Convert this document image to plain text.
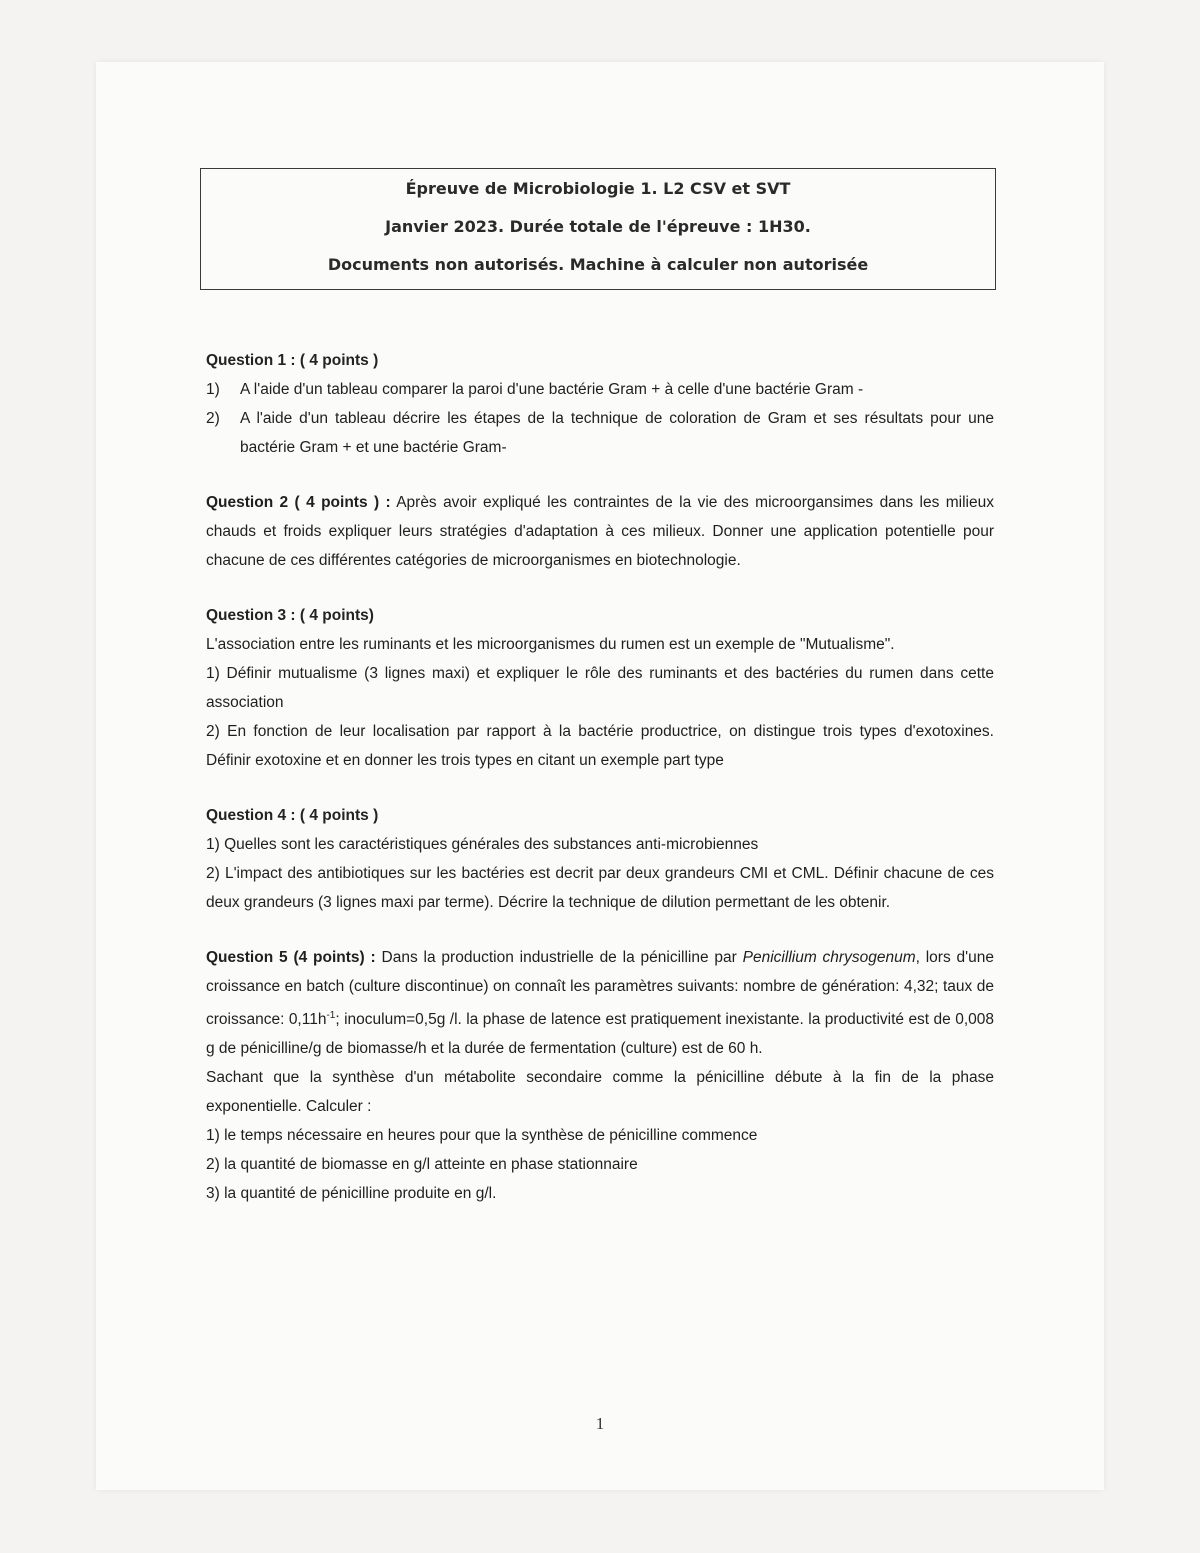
Épreuve de Microbiologie 1. L2 CSV et SVT
Janvier 2023. Durée totale de l'épreuve : 1H30.
Documents non autorisés. Machine à calculer non autorisée
Question 1 : ( 4 points )
1)	A l'aide d'un tableau comparer la paroi d'une bactérie Gram + à celle d'une bactérie Gram -
2)	A l'aide d'un tableau décrire les étapes de la technique de coloration de Gram et ses résultats pour une bactérie Gram + et une bactérie Gram-
Question 2 ( 4 points ) : Après avoir expliqué les contraintes de la vie des microorgansimes dans les milieux chauds et froids expliquer leurs stratégies d'adaptation à ces milieux. Donner une application potentielle pour chacune de ces différentes catégories de microorganismes en biotechnologie.
Question 3 : ( 4 points)
L'association entre les ruminants et les microorganismes du rumen est un exemple de "Mutualisme".
1) Définir mutualisme (3 lignes maxi) et expliquer le rôle des ruminants et des bactéries du rumen dans cette association
2) En fonction de leur localisation par rapport à la bactérie productrice, on distingue trois types d'exotoxines. Définir exotoxine et en donner les trois types en citant un exemple part type
Question 4 : ( 4 points )
1) Quelles sont les caractéristiques générales des substances anti-microbiennes
2) L'impact des antibiotiques sur les bactéries est decrit par deux grandeurs CMI et CML. Définir chacune de ces deux grandeurs (3 lignes maxi par terme). Décrire la technique de dilution permettant de les obtenir.
Question 5 (4 points) : Dans la production industrielle de la pénicilline par Penicillium chrysogenum, lors d'une croissance en batch (culture discontinue) on connaît les paramètres suivants: nombre de génération: 4,32; taux de croissance: $0,11h^{-1}$; inoculum=0,5g /l. la phase de latence est pratiquement inexistante. la productivité est de 0,008 g de pénicilline/g de biomasse/h et la durée de fermentation (culture) est de 60 h.
Sachant que la synthèse d'un métabolite secondaire comme la pénicilline débute à la fin de la phase exponentielle. Calculer :
1) le temps nécessaire en heures pour que la synthèse de pénicilline commence
2) la quantité de biomasse en g/l atteinte en phase stationnaire
3) la quantité de pénicilline produite en g/l.
1
